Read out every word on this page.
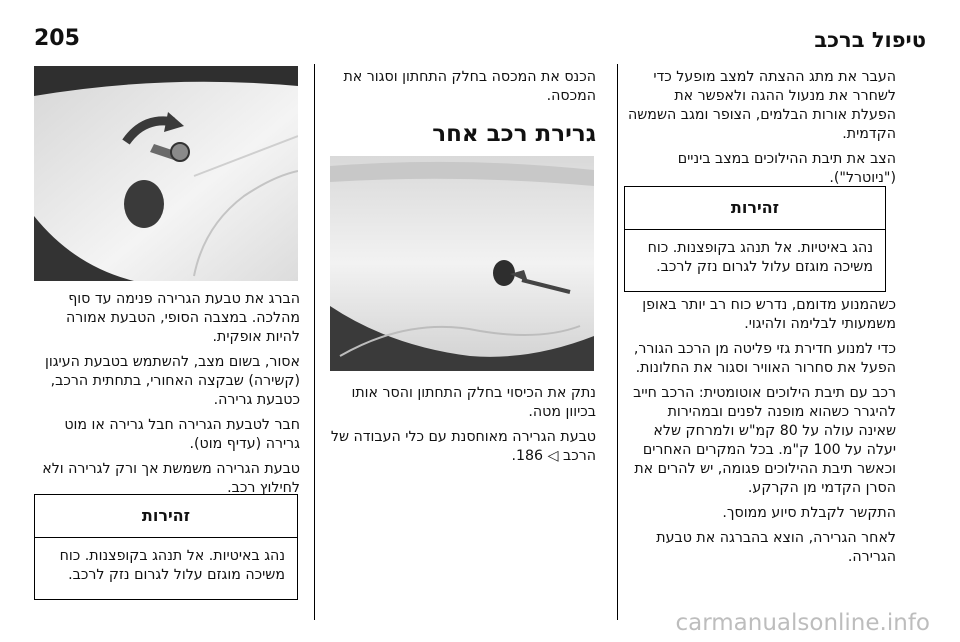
205	טיפול ברכב

העבר את מתג ההצתה למצב מופעל כדי לשחרר את מנעול ההגה ולאפשר את הפעלת אורות הבלמים, הצופר ומגב השמשה הקדמית.

הצב את תיבת ההילוכים במצב ביניים ("ניוטרל").

זהירות
נהג באיטיות. אל תנהג בקופצנות. כוח משיכה מוגזם עלול לגרום נזק לרכב.

כשהמנוע מדומם, נדרש כוח רב יותר באופן משמעותי לבלימה ולהיגוי.

כדי למנוע חדירת גזי פליטה מן הרכב הגורר, הפעל את סחרור האוויר וסגור את החלונות.

רכב עם תיבת הילוכים אוטומטית: הרכב חייב להיגרר כשהוא מופנה לפנים ובמהירות שאינה עולה על 80 קמ"ש ולמרחק שלא יעלה על 100 ק"מ. בכל המקרים האחרים וכאשר תיבת ההילוכים פגומה, יש להרים את הסרן הקדמי מן הקרקע.

התקשר לקבלת סיוע ממוסך.

לאחר הגרירה, הוצא בהברגה את טבעת הגרירה.

הכנס את המכסה בחלק התחתון וסגור את המכסה.

גרירת רכב אחר

נתק את הכיסוי בחלק התחתון והסר אותו בכיוון מטה.

טבעת הגרירה מאוחסנת עם כלי העבודה של הרכב ◁ 186.

הברג את טבעת הגרירה פנימה עד סוף מהלכה. במצבה הסופי, הטבעת אמורה להיות אופקית.

אסור, בשום מצב, להשתמש בטבעת העיגון (קשירה) שבקצה האחורי, בתחתית הרכב, כטבעת גרירה.

חבר לטבעת הגרירה חבל גרירה או מוט גרירה (עדיף מוט).

טבעת הגרירה משמשת אך ורק לגרירה ולא לחילוץ רכב.

זהירות
נהג באיטיות. אל תנהג בקופצנות. כוח משיכה מוגזם עלול לגרום נזק לרכב.
carmanualsonline.info
